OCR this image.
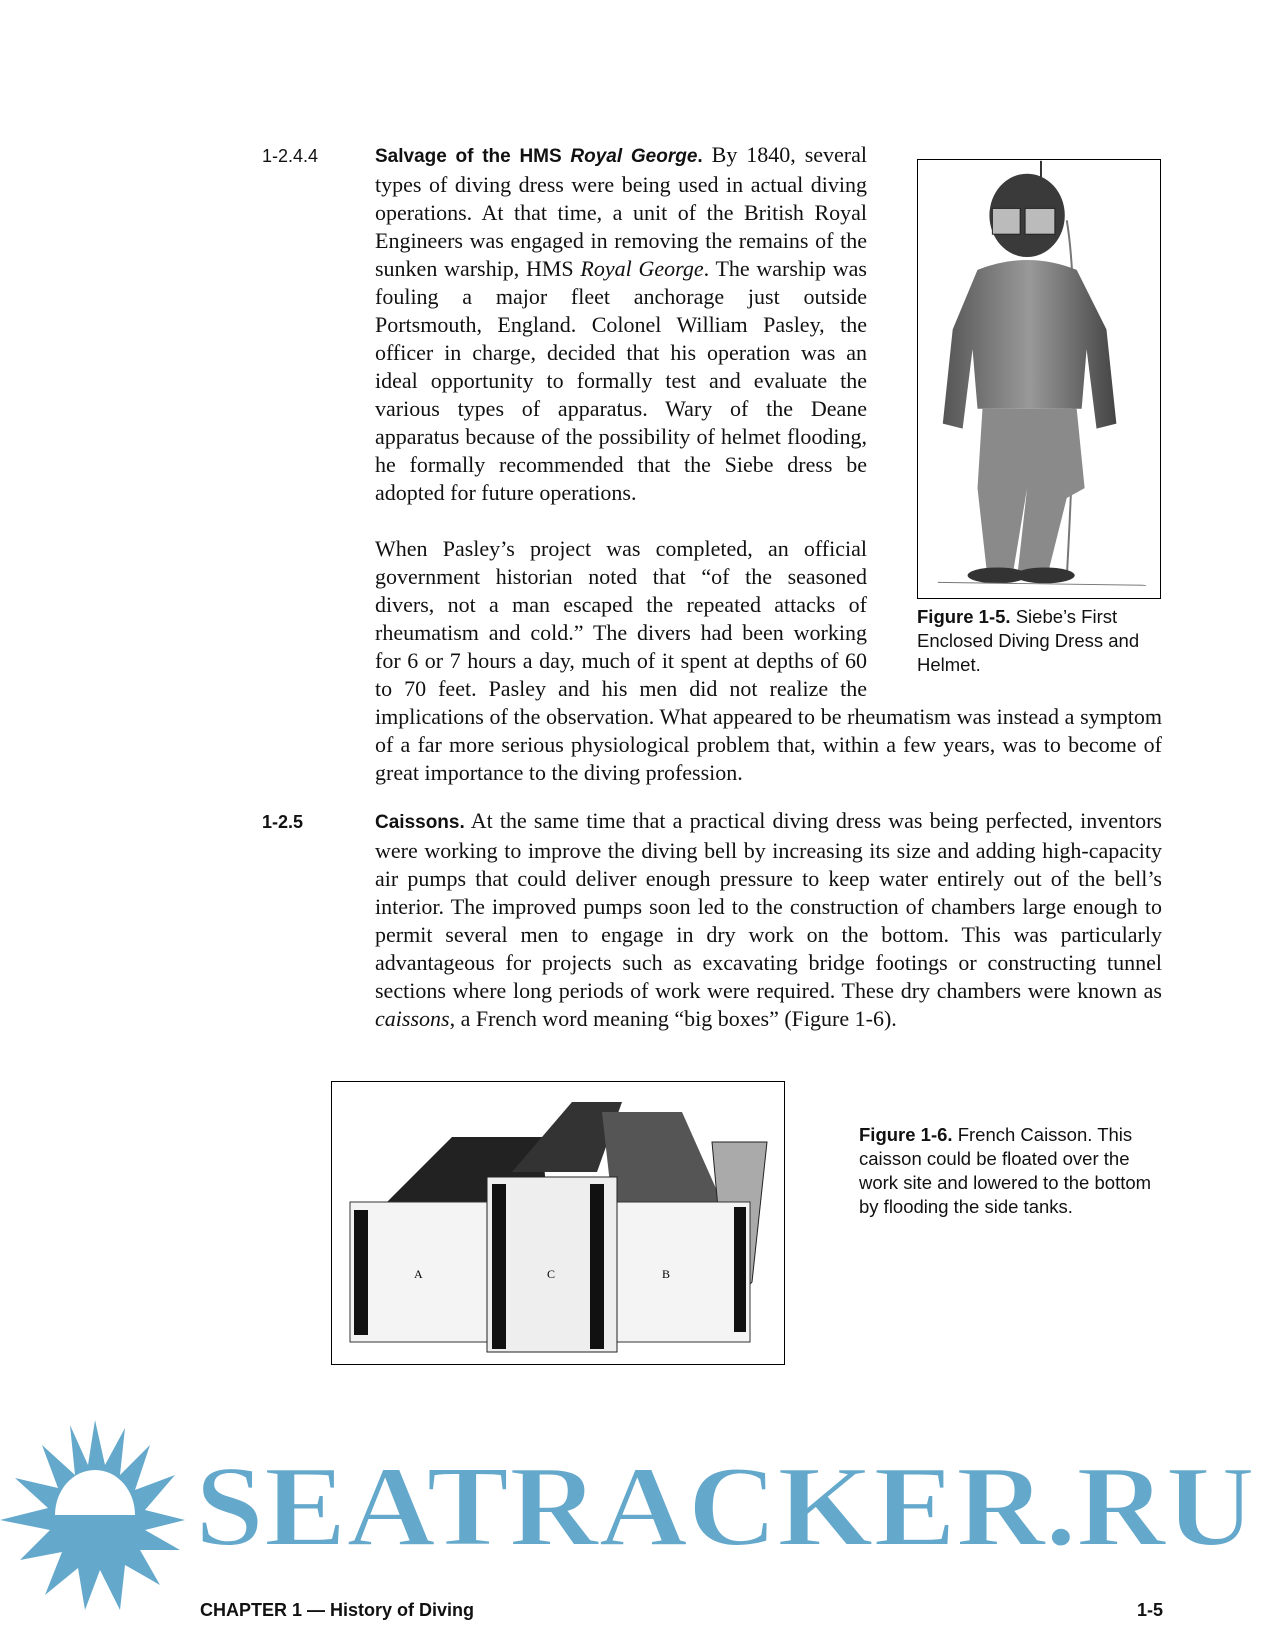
1-2.4.4
Figure 1-5. Siebe’s First Enclosed Diving Dress and Helmet.

Salvage of the HMS Royal George. By 1840, several types of diving dress were being used in actual diving operations. At that time, a unit of the British Royal Engineers was engaged in removing the remains of the sunken warship, HMS Royal George. The warship was fouling a major fleet anchorage just outside Portsmouth, England. Colonel William Pasley, the officer in charge, decided that his operation was an ideal opportunity to formally test and evaluate the various types of apparatus. Wary of the Deane apparatus because of the possibility of helmet flooding, he formally recommended that the Siebe dress be adopted for future operations.

When Pasley’s project was completed, an official government historian noted that “of the seasoned divers, not a man escaped the repeated attacks of rheumatism and cold.” The divers had been working for 6 or 7 hours a day, much of it spent at depths of 60 to 70 feet. Pasley and his men did not realize the implications of the observation. What appeared to be rheumatism was instead a symptom of a far more serious physiological problem that, within a few years, was to become of great importance to the diving profession.

1-2.5	Caissons. At the same time that a practical diving dress was being perfected, inventors were working to improve the diving bell by increasing its size and adding high-capacity air pumps that could deliver enough pressure to keep water entirely out of the bell’s interior. The improved pumps soon led to the construction of chambers large enough to permit several men to engage in dry work on the bottom. This was particularly advantageous for projects such as excavating bridge footings or constructing tunnel sections where long periods of work were required. These dry chambers were known as caissons, a French word meaning “big boxes” (Figure 1-6).

A	C	B
Figure 1-6. French Caisson. This caisson could be floated over the work site and lowered to the bottom by flooding the side tanks.
SEATRACKER.RU
CHAPTER 1 — History of Diving	1-5
